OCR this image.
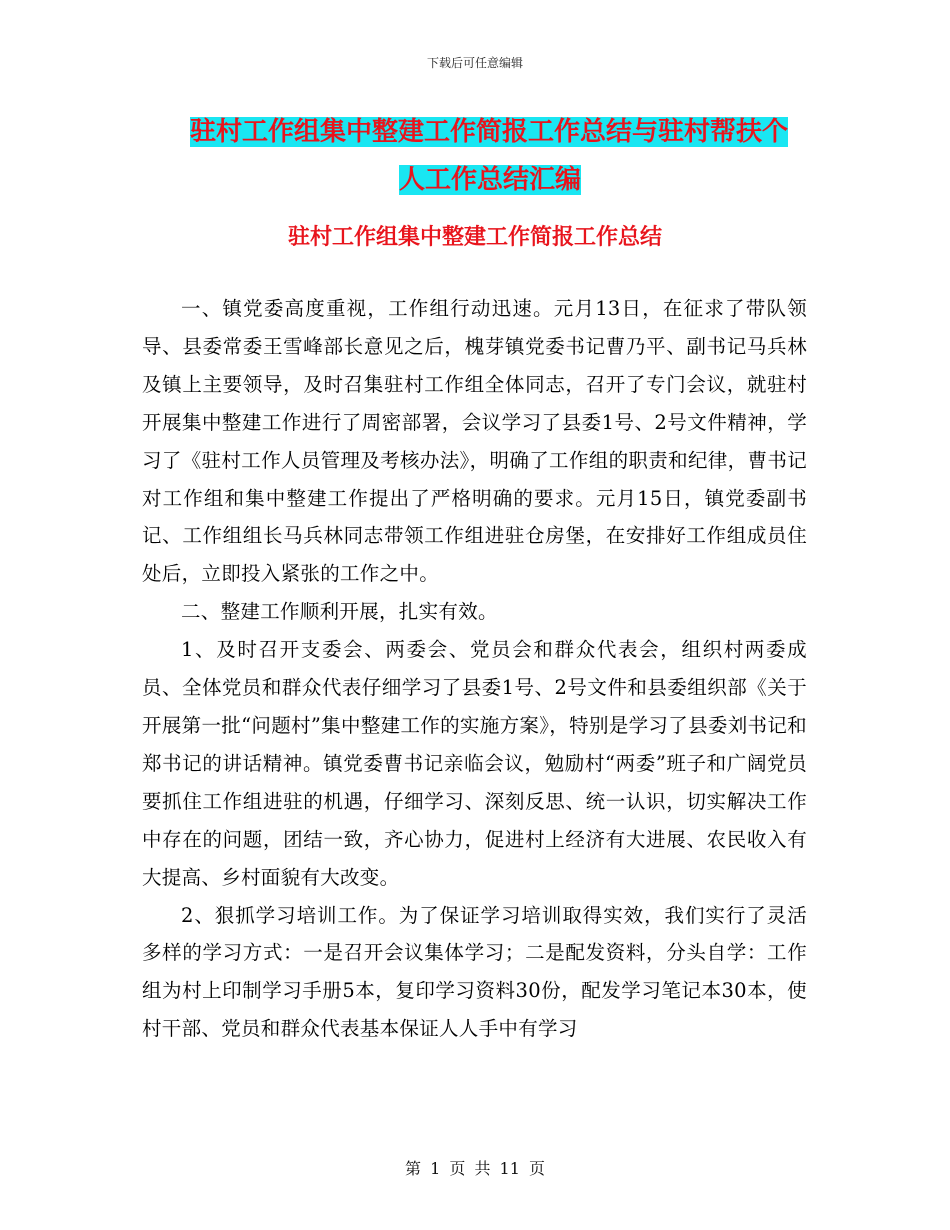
下载后可任意编辑
驻村工作组集中整建工作简报工作总结与驻村帮扶个
人工作总结汇编
驻村工作组集中整建工作简报工作总结

一、镇党委高度重视，工作组行动迅速。元月13日，在征求了带队领导、县委常委王雪峰部长意见之后，槐芽镇党委书记曹乃平、副书记马兵林及镇上主要领导，及时召集驻村工作组全体同志，召开了专门会议，就驻村开展集中整建工作进行了周密部署，会议学习了县委1号、2号文件精神，学习了《驻村工作人员管理及考核办法》，明确了工作组的职责和纪律，曹书记对工作组和集中整建工作提出了严格明确的要求。元月15日，镇党委副书记、工作组组长马兵林同志带领工作组进驻仓房堡，在安排好工作组成员住处后，立即投入紧张的工作之中。

二、整建工作顺利开展，扎实有效。

1、及时召开支委会、两委会、党员会和群众代表会，组织村两委成员、全体党员和群众代表仔细学习了县委1号、2号文件和县委组织部《关于开展第一批“问题村”集中整建工作的实施方案》，特别是学习了县委刘书记和郑书记的讲话精神。镇党委曹书记亲临会议，勉励村“两委”班子和广阔党员要抓住工作组进驻的机遇，仔细学习、深刻反思、统一认识，切实解决工作中存在的问题，团结一致，齐心协力，促进村上经济有大进展、农民收入有大提高、乡村面貌有大改变。

2、狠抓学习培训工作。为了保证学习培训取得实效，我们实行了灵活多样的学习方式：一是召开会议集体学习；二是配发资料，分头自学：工作组为村上印制学习手册5本，复印学习资料30份，配发学习笔记本30本，使村干部、党员和群众代表基本保证人人手中有学习

第 1 页 共 11 页
